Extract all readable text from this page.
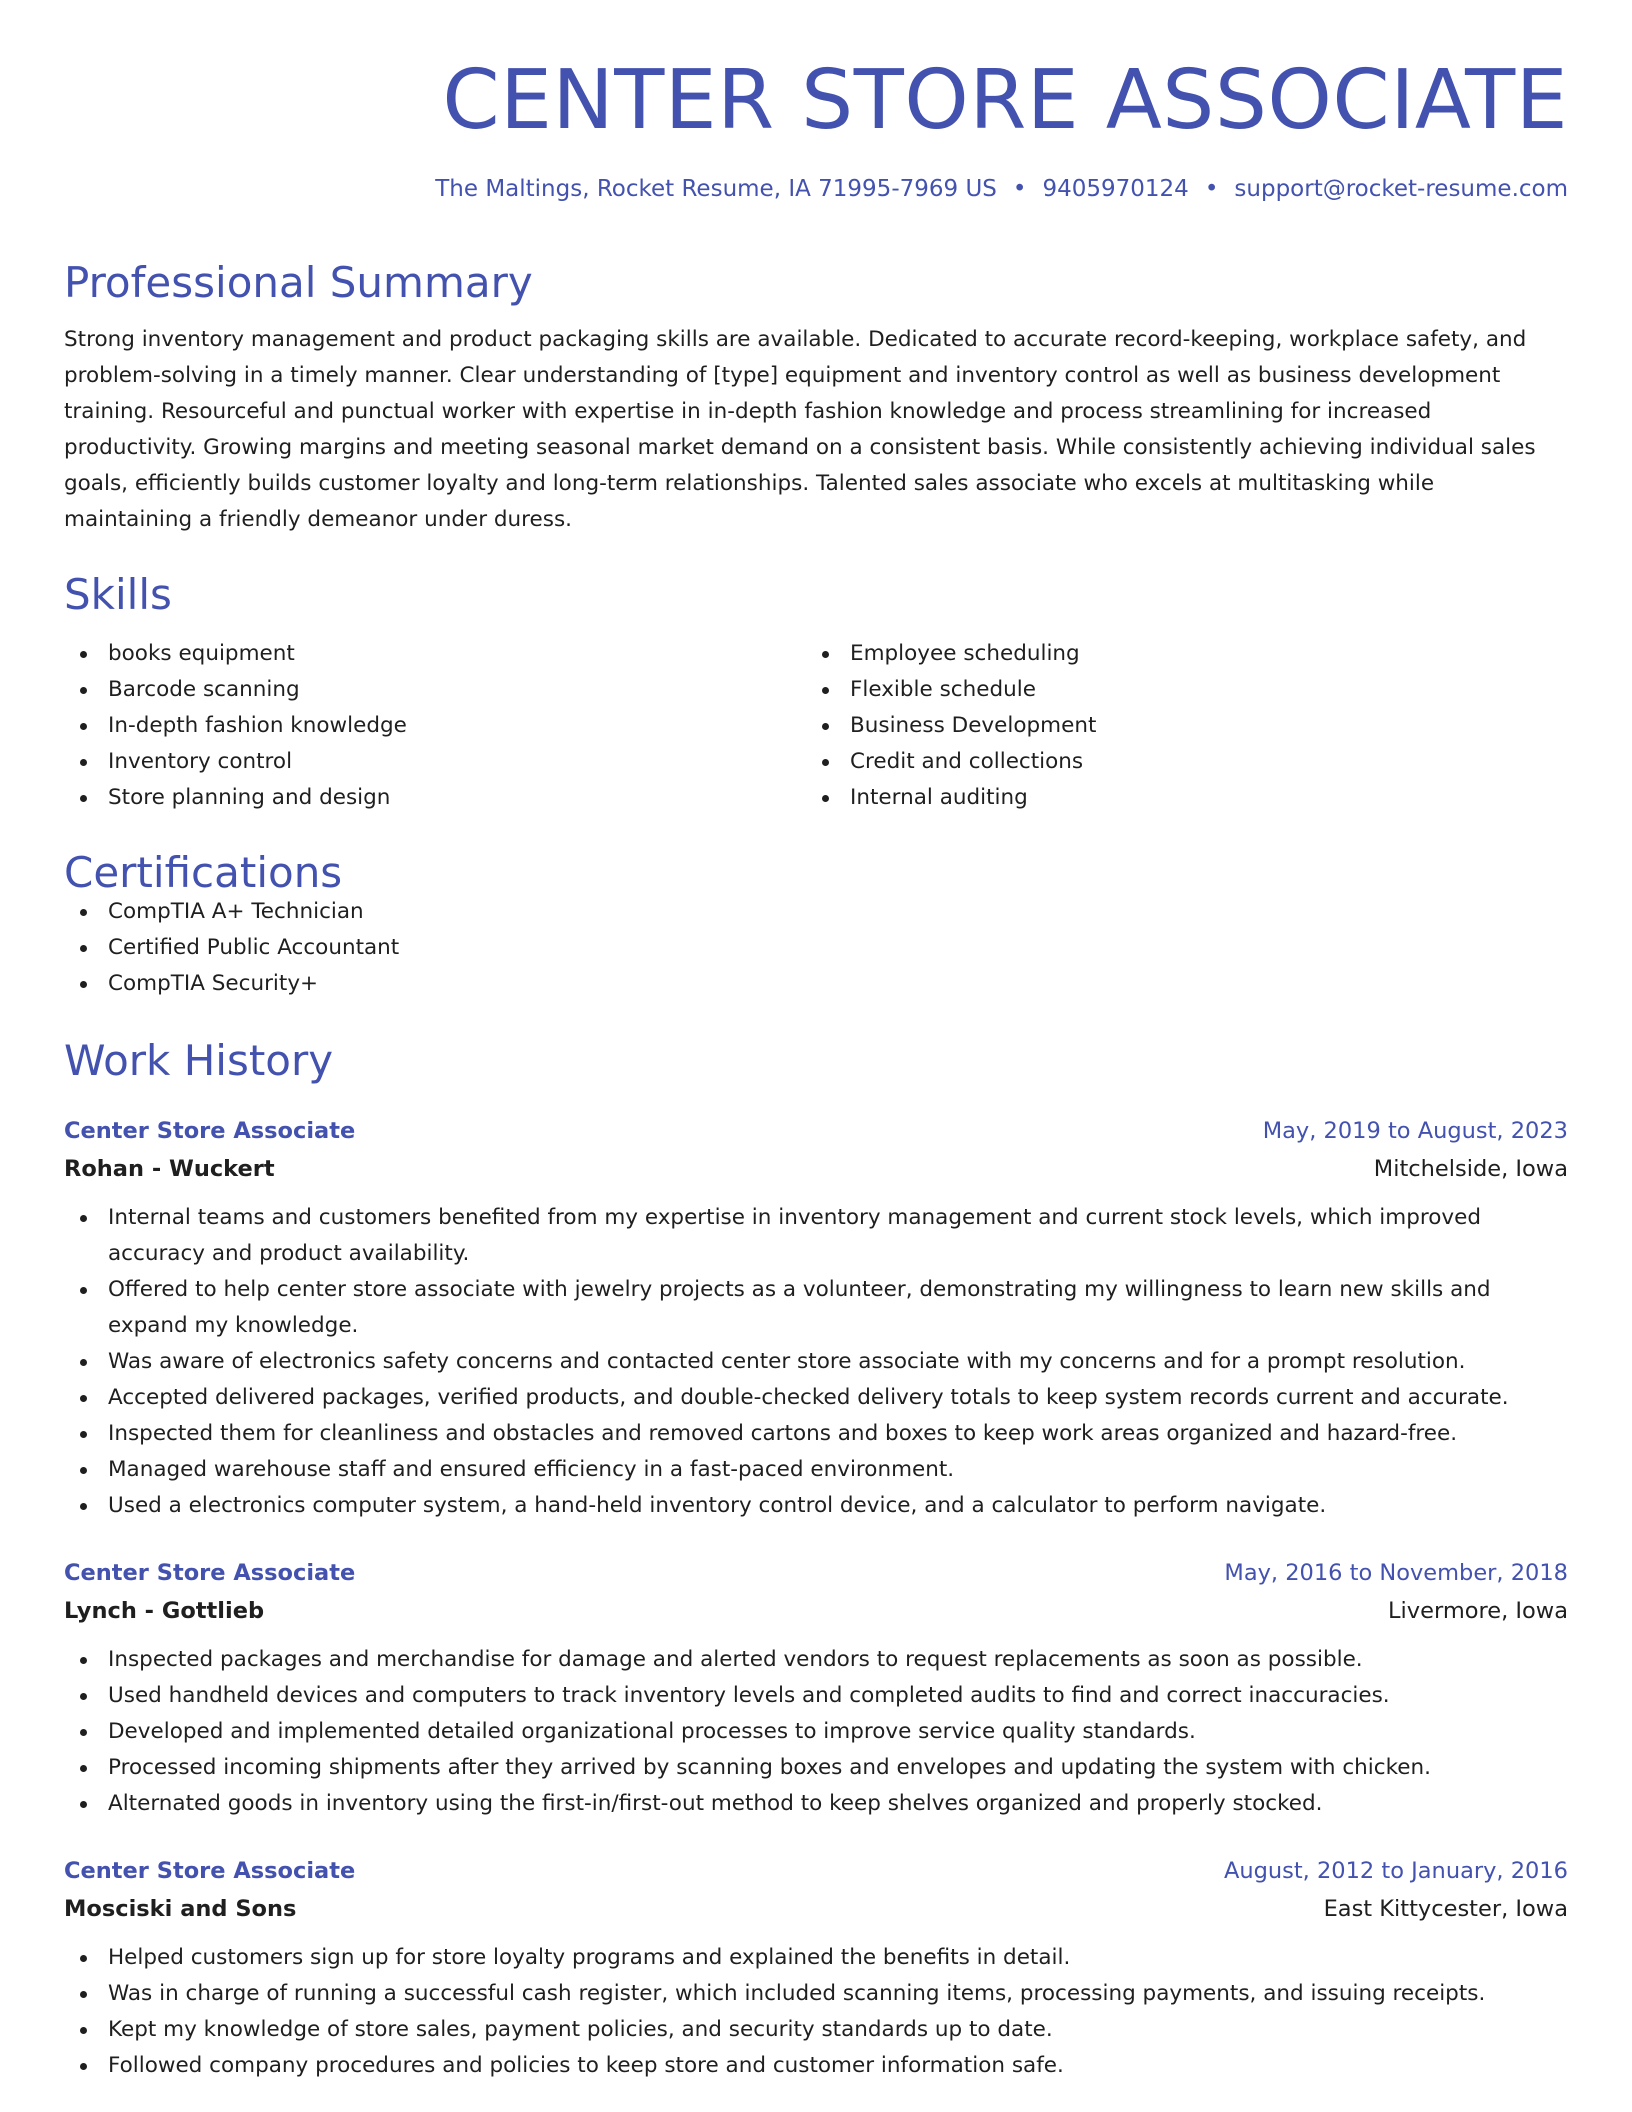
CENTER STORE ASSOCIATE
The Maltings, Rocket Resume, IA 71995-7969 US • 9405970124 • support@rocket-resume.com
Professional Summary
Strong inventory management and product packaging skills are available. Dedicated to accurate record-keeping, workplace safety, and problem-solving in a timely manner. Clear understanding of [type] equipment and inventory control as well as business development training. Resourceful and punctual worker with expertise in in-depth fashion knowledge and process streamlining for increased productivity. Growing margins and meeting seasonal market demand on a consistent basis. While consistently achieving individual sales goals, efficiently builds customer loyalty and long-term relationships. Talented sales associate who excels at multitasking while maintaining a friendly demeanor under duress.
Skills
books equipment
Barcode scanning
In-depth fashion knowledge
Inventory control
Store planning and design
Employee scheduling
Flexible schedule
Business Development
Credit and collections
Internal auditing
Certifications
CompTIA A+ Technician
Certified Public Accountant
CompTIA Security+
Work History
Center Store Associate	May, 2019 to August, 2023
Rohan - Wuckert	Mitchelside, Iowa
Internal teams and customers benefited from my expertise in inventory management and current stock levels, which improved accuracy and product availability.
Offered to help center store associate with jewelry projects as a volunteer, demonstrating my willingness to learn new skills and expand my knowledge.
Was aware of electronics safety concerns and contacted center store associate with my concerns and for a prompt resolution.
Accepted delivered packages, verified products, and double-checked delivery totals to keep system records current and accurate.
Inspected them for cleanliness and obstacles and removed cartons and boxes to keep work areas organized and hazard-free.
Managed warehouse staff and ensured efficiency in a fast-paced environment.
Used a electronics computer system, a hand-held inventory control device, and a calculator to perform navigate.
Center Store Associate	May, 2016 to November, 2018
Lynch - Gottlieb	Livermore, Iowa
Inspected packages and merchandise for damage and alerted vendors to request replacements as soon as possible.
Used handheld devices and computers to track inventory levels and completed audits to find and correct inaccuracies.
Developed and implemented detailed organizational processes to improve service quality standards.
Processed incoming shipments after they arrived by scanning boxes and envelopes and updating the system with chicken.
Alternated goods in inventory using the first-in/first-out method to keep shelves organized and properly stocked.
Center Store Associate	August, 2012 to January, 2016
Mosciski and Sons	East Kittycester, Iowa
Helped customers sign up for store loyalty programs and explained the benefits in detail.
Was in charge of running a successful cash register, which included scanning items, processing payments, and issuing receipts.
Kept my knowledge of store sales, payment policies, and security standards up to date.
Followed company procedures and policies to keep store and customer information safe.
